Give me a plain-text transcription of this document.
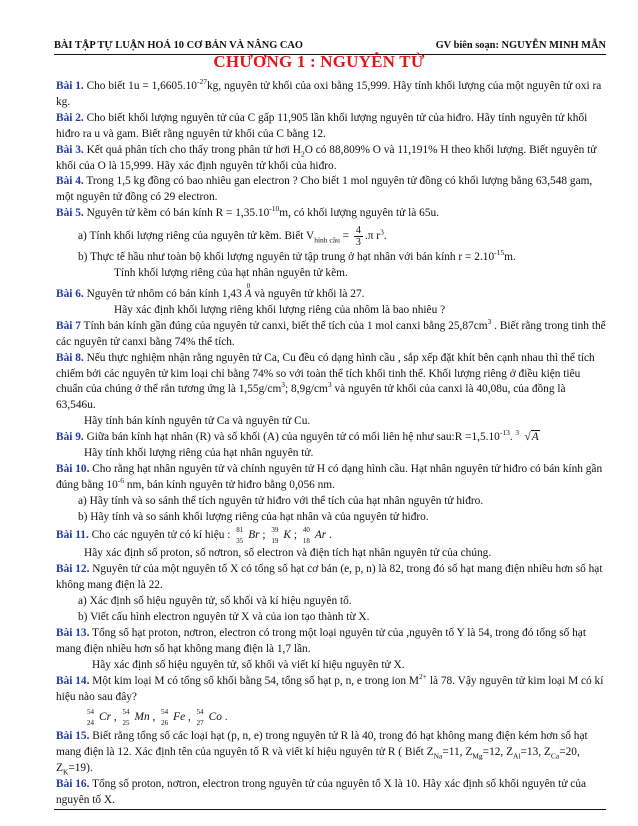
BÀI TẬP TỰ LUẬN HOÁ 10 CƠ BẢN VÀ NÂNG CAO	GV biên soạn: NGUYỄN MINH MẪN
CHƯƠNG 1 : NGUYÊN TỬ

Bài 1. Cho biết $1u = 1,6605.10^{-27}kg$, nguyên tử khối của oxi bằng 15,999. Hãy tính khối lượng của một nguyên tử oxi ra kg.

Bài 2. Cho biết khối lượng nguyên tử của C gấp 11,905 lần khối lượng nguyên tử của hiđro. Hãy tính nguyên tử khối hiđro ra u và gam. Biết rằng nguyên tử khối của C bằng 12.

Bài 3. Kết quả phân tích cho thấy trong phân tử hơi $H_2O$ có 88,809% O và 11,191% H theo khối lượng. Biết nguyên tử khối của O là 15,999. Hãy xác định nguyên tử khối của hiđro.

Bài 4. Trong 1,5 kg đồng có bao nhiêu gan electron ? Cho biết 1 mol nguyên tử đồng có khối lượng bằng 63,548 gam, một nguyên tử đồng có 29 electron.

Bài 5. Nguyên tử kẽm có bán kính $R = 1,35.10^{-10}m$, có khối lượng nguyên tử là 65u.

a) Tính khối lượng riêng của nguyên tử kẽm. Biết $V_{hình cầu} = \frac{4}{3} .\pi$ $r^3$.

b) Thực tế hầu như toàn bộ khối lượng nguyên tử tập trung ở hạt nhân với bán kính $r = 2.10^{-15}m$.

Tính khối lượng riêng của hạt nhân nguyên tử kẽm.

Bài 6. Nguyên tử nhôm có bán kính 1,43
0
A và nguyên tử khối là 27.

Hãy xác định khối lượng riêng khối lượng riêng của nhôm là bao nhiêu ?

Bài 7 Tính bán kính gần đúng của nguyên tử canxi, biết thể tích của 1 mol canxi bằng $25,87cm^3$ . Biết rằng trong tinh thể các nguyên tử canxi bằng 74% thể tích.

Bài 8. Nếu thực nghiệm nhận rằng nguyên tử Ca, Cu đều có dạng hình cầu , sắp xếp đặt khít bên cạnh nhau thì thể tích chiếm bởi các nguyên tử kim loại chỉ bằng 74% so với toàn thể tích khối tinh thể. Khối lượng riêng ở điều kiện tiêu chuẩn của chúng ở thể rắn tương ứng là $1,55g/cm^3$; $8,9g/cm^3$ và nguyên tử khối của canxi là 40,08u, của đồng là 63,546u.

Hãy tính bán kính nguyên tử Ca và nguyên tử Cu.

Bài 9. Giữa bán kính hạt nhân (R) và số khối (A) của nguyên tử có mối liên hệ như sau:R $=1,5.10^{-13}$. 3 √A

Hãy tính khối lượng riêng của hạt nhân nguyên tử.

Bài 10. Cho rằng hạt nhân nguyên tử và chính nguyên tử H có dạng hình cầu. Hạt nhân nguyên tử hiđro có bán kính gần đúng bằng $10^{-6}$ nm, bán kính nguyên tử hiđro bằng 0,056 nm.

a) Hãy tính và so sánh thể tích nguyên tử hiđro với thể tích của hạt nhân nguyên tử hiđro.

b) Hãy tính và so sánh khối lượng riêng của hạt nhân và của nguyên tử hiđro.

Bài 11. Cho các nguyên tử có kí hiệu : 81
35 Br ; 39
19 K ; 40
18 Ar .

Hãy xác định số proton, số nơtron, số electron và điện tích hạt nhân nguyên tử của chúng.

Bài 12. Nguyên tử của một nguyên tố X có tổng số hạt cơ bản (e, p, n) là 82, trong đó số hạt mang điện nhiều hơn số hạt không mang điện là 22.

a) Xác định số hiệu nguyên tử, số khối và kí hiệu nguyên tố.

b) Viết cấu hình electron nguyên tử X và của ion tạo thành từ X.

Bài 13. Tổng số hạt proton, nơtron, electron có trong một loại nguyên tử của ,nguyên tố Y là 54, trong đó tổng số hạt mang điện nhiều hơn số hạt không mang điện là 1,7 lần.

Hãy xác định số hiệu nguyên tử, số khối và viết kí hiệu nguyên tử X.

Bài 14. Một kim loại M có tổng số khối bằng 54, tổng số hạt p, n, e trong ion $M^{2+}$ là 78. Vậy nguyên tử kim loại M có kí hiệu nào sau đây?

54
24 Cr , 54
25 Mn , 54
26 Fe , 54
27 Co .

Bài 15. Biết rằng tổng số các loại hạt (p, n, e) trong nguyên tử R là 40, trong đó hạt không mang điện kém hơn số hạt mang điện là 12. Xác định tên của nguyên tố R và viết kí hiệu nguyên tử R ( Biết $Z_{Na}=11$, $Z_{Mg}=12$, $Z_{Al}=13$, $Z_{Ca}=20$, $Z_K=19$).

Bài 16. Tổng số proton, nơtron, electron trong nguyên tử của nguyên tố X là 10. Hãy xác định số khối nguyên tử của nguyên tố X.
